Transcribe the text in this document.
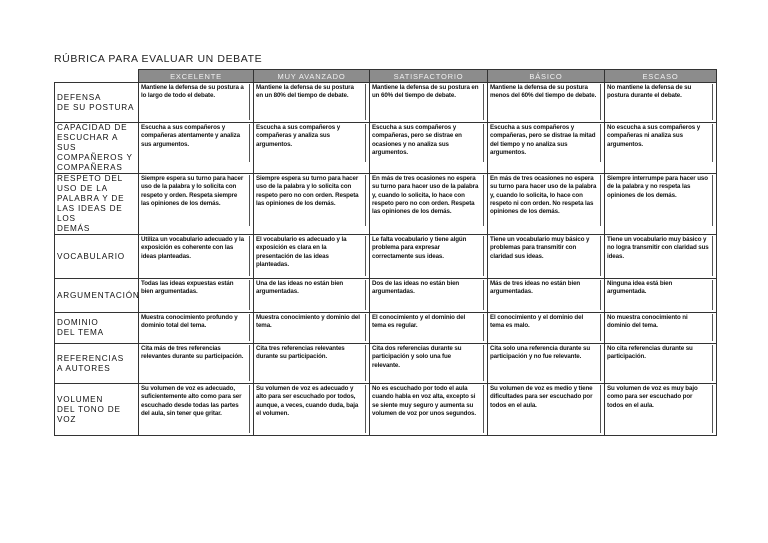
RÚBRICA PARA EVALUAR UN DEBATE
	EXCELENTE	MUY AVANZADO	SATISFACTORIO	BÁSICO	ESCASO

DEFENSA
DE SU POSTURA	Mantiene la defensa de su postura a lo largo de todo el debate.	Mantiene la defensa de su postura en un 80% del tiempo de debate.	Mantiene la defensa de su postura en un 60% del tiempo de debate.	Mantiene la defensa de su postura menos del 60% del tiempo de debate.	No mantiene la defensa de su postura durante el debate.

CAPACIDAD DE
ESCUCHAR A SUS
COMPAÑEROS Y
COMPAÑERAS	Escucha a sus compañeros y compañeras atentamente y analiza sus argumentos.	Escucha a sus compañeros y compañeras y analiza sus argumentos.	Escucha a sus compañeros y compañeras, pero se distrae en ocasiones y no analiza sus argumentos.	Escucha a sus compañeros y compañeras, pero se distrae la mitad del tiempo y no analiza sus argumentos.	No escucha a sus compañeros y compañeras ni analiza sus argumentos.

RESPETO DEL
USO DE LA
PALABRA Y DE
LAS IDEAS DE LOS
DEMÁS	Siempre espera su turno para hacer uso de la palabra y lo solicita con respeto y orden. Respeta siempre las opiniones de los demás.	Siempre espera su turno para hacer uso de la palabra y lo solicita con respeto pero no con orden. Respeta las opiniones de los demás.	En más de tres ocasiones no espera su turno para hacer uso de la palabra y, cuando lo solicita, lo hace con respeto pero no con orden. Respeta las opiniones de los demás.	En más de tres ocasiones no espera su turno para hacer uso de la palabra y, cuando lo solicita, lo hace con respeto ni con orden. No respeta las opiniones de los demás.	Siempre interrumpe para hacer uso de la palabra y no respeta las opiniones de los demás.

VOCABULARIO	Utiliza un vocabulario adecuado y la exposición es coherente con las ideas planteadas.	El vocabulario es adecuado y la exposición es clara en la presentación de las ideas planteadas.	Le falta vocabulario y tiene algún problema para expresar correctamente sus ideas.	Tiene un vocabulario muy básico y problemas para transmitir con claridad sus ideas.	Tiene un vocabulario muy básico y no logra transmitir con claridad sus ideas.

ARGUMENTACIÓN	Todas las ideas expuestas están bien argumentadas.	Una de las ideas no están bien argumentadas.	Dos de las ideas no están bien argumentadas.	Más de tres ideas no están bien argumentadas.	Ninguna idea está bien argumentada.

DOMINIO
DEL TEMA	Muestra conocimiento profundo y dominio total del tema.	Muestra conocimiento y dominio del tema.	El conocimiento y el dominio del tema es regular.	El conocimiento y el dominio del tema es malo.	No muestra conocimiento ni dominio del tema.

REFERENCIAS
A AUTORES	Cita más de tres referencias relevantes durante su participación.	Cita tres referencias relevantes durante su participación.	Cita dos referencias durante su participación y solo una fue relevante.	Cita solo una referencia durante su participación y no fue relevante.	No cita referencias durante su participación.

VOLUMEN
DEL TONO DE VOZ	Su volumen de voz es adecuado, suficientemente alto como para ser escuchado desde todas las partes del aula, sin tener que gritar.	Su volumen de voz es adecuado y alto para ser escuchado por todos, aunque, a veces, cuando duda, baja el volumen.	No es escuchado por todo el aula cuando habla en voz alta, excepto si se siente muy seguro y aumenta su volumen de voz por unos segundos.	Su volumen de voz es medio y tiene dificultades para ser escuchado por todos en el aula.	Su volumen de voz es muy bajo como para ser escuchado por todos en el aula.
